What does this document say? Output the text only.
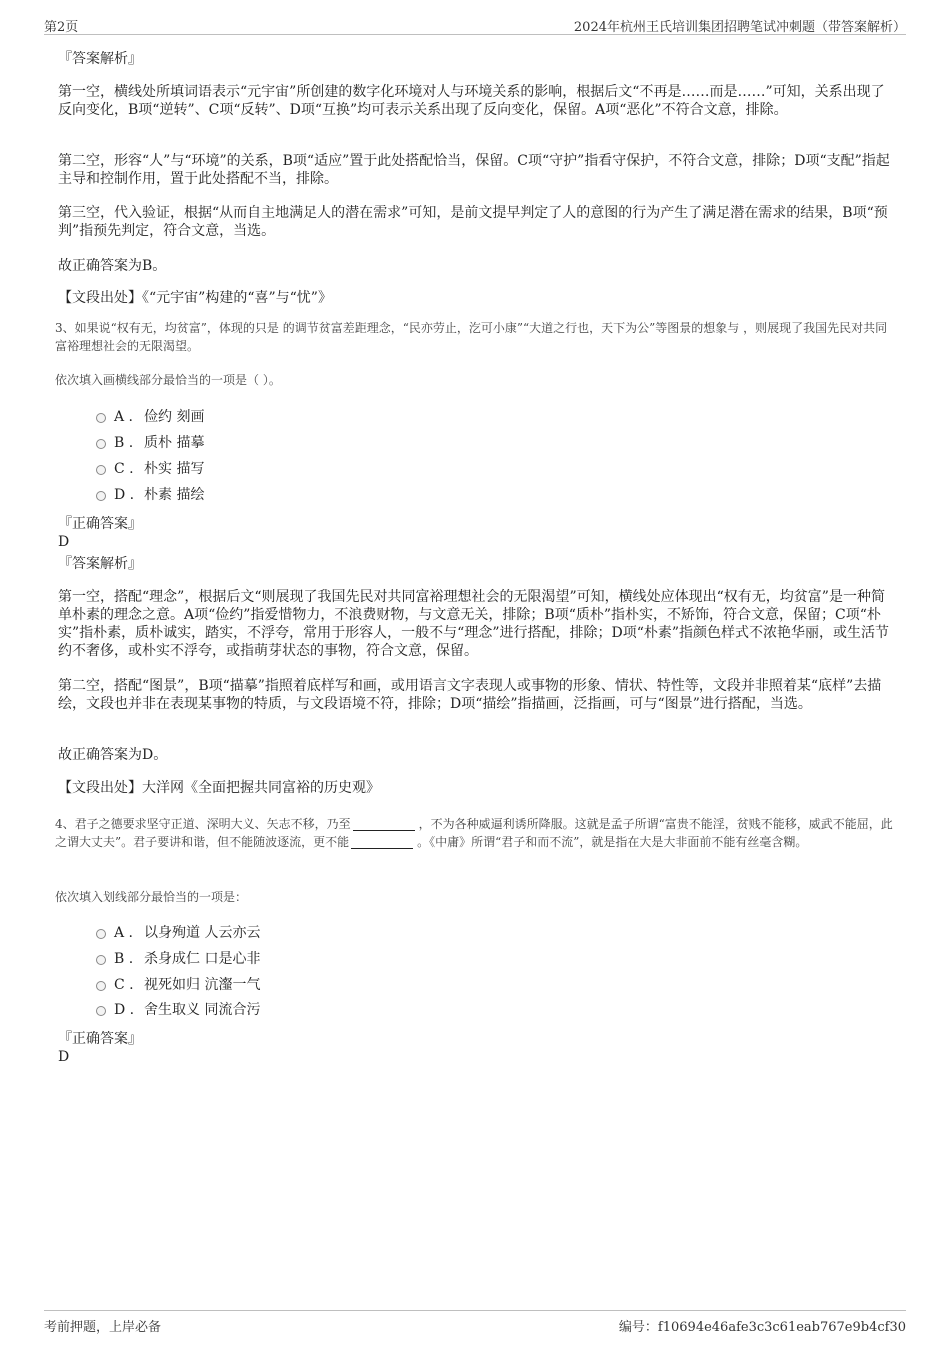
第2页	2024年杭州王氏培训集团招聘笔试冲刺题（带答案解析）
『答案解析』

第一空，横线处所填词语表示“元宇宙”所创建的数字化环境对人与环境关系的影响，根据后文“不再是……而是……”可知，关系出现了反向变化，B项“逆转”、C项“反转”、D项“互换”均可表示关系出现了反向变化，保留。A项“恶化”不符合文意，排除。

第二空，形容“人”与“环境”的关系，B项“适应”置于此处搭配恰当，保留。C项“守护”指看守保护，不符合文意，排除；D项“支配”指起主导和控制作用，置于此处搭配不当，排除。

第三空，代入验证，根据“从而自主地满足人的潜在需求”可知，是前文提早判定了人的意图的行为产生了满足潜在需求的结果，B项“预判”指预先判定，符合文意，当选。

故正确答案为B。
【文段出处】《“元宇宙”构建的“喜”与“忧”》

3、如果说“权有无，均贫富”，体现的只是 的调节贫富差距理念，“民亦劳止，汔可小康”“大道之行也，天下为公”等图景的想象与 ，则展现了我国先民对共同富裕理想社会的无限渴望。

依次填入画横线部分最恰当的一项是（ ）。
A . 俭约 刻画
B . 质朴 描摹
C . 朴实 描写
D . 朴素 描绘
『正确答案』
D
『答案解析』

第一空，搭配“理念”，根据后文“则展现了我国先民对共同富裕理想社会的无限渴望”可知，横线处应体现出“权有无，均贫富”是一种简单朴素的理念之意。A项“俭约”指爱惜物力，不浪费财物，与文意无关，排除；B项“质朴”指朴实，不矫饰，符合文意，保留；C项“朴实”指朴素，质朴诚实，踏实，不浮夸，常用于形容人，一般不与“理念”进行搭配，排除；D项“朴素”指颜色样式不浓艳华丽，或生活节约不奢侈，或朴实不浮夸，或指萌芽状态的事物，符合文意，保留。

第二空，搭配“图景”，B项“描摹”指照着底样写和画，或用语言文字表现人或事物的形象、情状、特性等，文段并非照着某“底样”去描绘，文段也并非在表现某事物的特质，与文段语境不符，排除；D项“描绘”指描画，泛指画，可与“图景”进行搭配，当选。

故正确答案为D。
【文段出处】大洋网《全面把握共同富裕的历史观》

4、君子之德要求坚守正道、深明大义、矢志不移，乃至	，不为各种威逼利诱所降服。这就是孟子所谓“富贵不能淫，贫贱不能移，威武不能屈，此之谓大丈夫”。君子要讲和谐，但不能随波逐流，更不能	。《中庸》所谓“君子和而不流”，就是指在大是大非面前不能有丝毫含糊。

依次填入划线部分最恰当的一项是：
A . 以身殉道 人云亦云
B . 杀身成仁 口是心非
C . 视死如归 沆瀣一气
D . 舍生取义 同流合污
『正确答案』
D
考前押题，上岸必备	编号：f10694e46afe3c3c61eab767e9b4cf30
